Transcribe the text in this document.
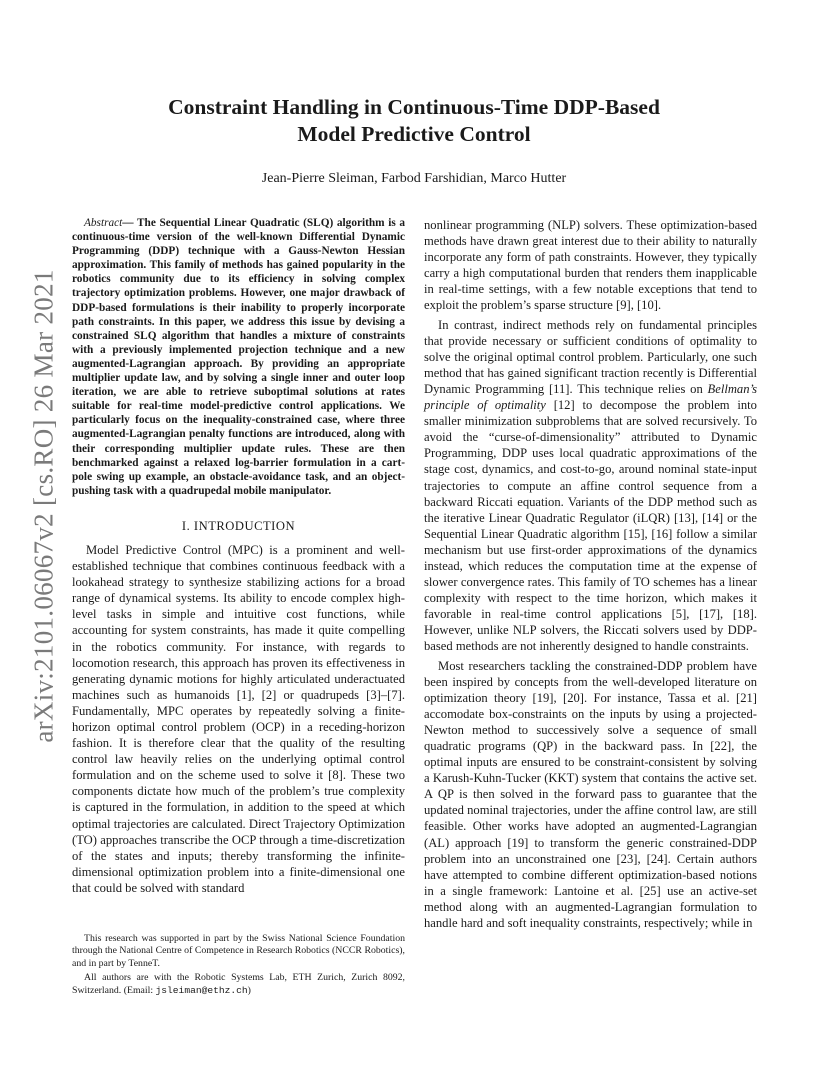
arXiv:2101.06067v2 [cs.RO] 26 Mar 2021
Constraint Handling in Continuous-Time DDP-Based
Model Predictive Control

Jean-Pierre Sleiman, Farbod Farshidian, Marco Hutter

Abstract— The Sequential Linear Quadratic (SLQ) algorithm is a continuous-time version of the well-known Differential Dynamic Programming (DDP) technique with a Gauss-Newton Hessian approximation. This family of methods has gained popularity in the robotics community due to its efficiency in solving complex trajectory optimization problems. However, one major drawback of DDP-based formulations is their inability to properly incorporate path constraints. In this paper, we address this issue by devising a constrained SLQ algorithm that handles a mixture of constraints with a previously implemented projection technique and a new augmented-Lagrangian approach. By providing an appropriate multiplier update law, and by solving a single inner and outer loop iteration, we are able to retrieve suboptimal solutions at rates suitable for real-time model-predictive control applications. We particularly focus on the inequality-constrained case, where three augmented-Lagrangian penalty functions are introduced, along with their corresponding multiplier update rules. These are then benchmarked against a relaxed log-barrier formulation in a cart-pole swing up example, an obstacle-avoidance task, and an object-pushing task with a quadrupedal mobile manipulator.

I. INTRODUCTION

Model Predictive Control (MPC) is a prominent and well-established technique that combines continuous feedback with a lookahead strategy to synthesize stabilizing actions for a broad range of dynamical systems. Its ability to encode complex high-level tasks in simple and intuitive cost functions, while accounting for system constraints, has made it quite compelling in the robotics community. For instance, with regards to locomotion research, this approach has proven its effectiveness in generating dynamic motions for highly articulated underactuated machines such as humanoids [1], [2] or quadrupeds [3]–[7]. Fundamentally, MPC operates by repeatedly solving a finite-horizon optimal control problem (OCP) in a receding-horizon fashion. It is therefore clear that the quality of the resulting control law heavily relies on the underlying optimal control formulation and on the scheme used to solve it [8]. These two components dictate how much of the problem’s true complexity is captured in the formulation, in addition to the speed at which optimal trajectories are calculated. Direct Trajectory Optimization (TO) approaches transcribe the OCP through a time-discretization of the states and inputs; thereby transforming the infinite-dimensional optimization problem into a finite-dimensional one that could be solved with standard

nonlinear programming (NLP) solvers. These optimization-based methods have drawn great interest due to their ability to naturally incorporate any form of path constraints. However, they typically carry a high computational burden that renders them inapplicable in real-time settings, with a few notable exceptions that tend to exploit the problem’s sparse structure [9], [10].

In contrast, indirect methods rely on fundamental principles that provide necessary or sufficient conditions of optimality to solve the original optimal control problem. Particularly, one such method that has gained significant traction recently is Differential Dynamic Programming [11]. This technique relies on Bellman’s principle of optimality [12] to decompose the problem into smaller minimization subproblems that are solved recursively. To avoid the “curse-of-dimensionality” attributed to Dynamic Programming, DDP uses local quadratic approximations of the stage cost, dynamics, and cost-to-go, around nominal state-input trajectories to compute an affine control sequence from a backward Riccati equation. Variants of the DDP method such as the iterative Linear Quadratic Regulator (iLQR) [13], [14] or the Sequential Linear Quadratic algorithm [15], [16] follow a similar mechanism but use first-order approximations of the dynamics instead, which reduces the computation time at the expense of slower convergence rates. This family of TO schemes has a linear complexity with respect to the time horizon, which makes it favorable in real-time control applications [5], [17], [18]. However, unlike NLP solvers, the Riccati solvers used by DDP-based methods are not inherently designed to handle constraints.

Most researchers tackling the constrained-DDP problem have been inspired by concepts from the well-developed literature on optimization theory [19], [20]. For instance, Tassa et al. [21] accomodate box-constraints on the inputs by using a projected-Newton method to successively solve a sequence of small quadratic programs (QP) in the backward pass. In [22], the optimal inputs are ensured to be constraint-consistent by solving a Karush-Kuhn-Tucker (KKT) system that contains the active set. A QP is then solved in the forward pass to guarantee that the updated nominal trajectories, under the affine control law, are still feasible. Other works have adopted an augmented-Lagrangian (AL) approach [19] to transform the generic constrained-DDP problem into an unconstrained one [23], [24]. Certain authors have attempted to combine different optimization-based notions in a single framework: Lantoine et al. [25] use an active-set method along with an augmented-Lagrangian formulation to handle hard and soft inequality constraints, respectively; while in

This research was supported in part by the Swiss National Science Foundation through the National Centre of Competence in Research Robotics (NCCR Robotics), and in part by TenneT.

All authors are with the Robotic Systems Lab, ETH Zurich, Zurich 8092, Switzerland. (Email: jsleiman@ethz.ch)
